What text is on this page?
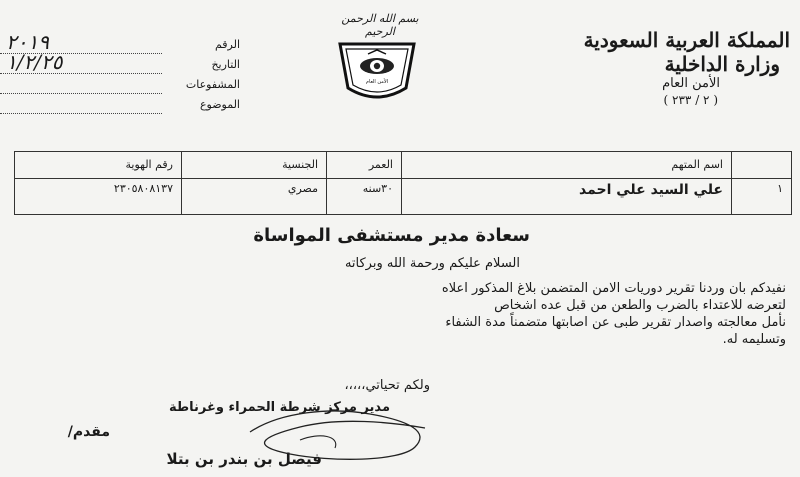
المملكة العربية السعودية
وزارة الداخلية
الأمن العام
( ٢ / ٢٣٣ )
بسم الله الرحمن الرحيم
الأمن العام
الرقم
٢٠١٩
التاريخ
١/٢/٢٥
المشفوعات
الموضوع
اسم المتهم
العمر
الجنسية
رقم الهوية
١
علي السيد علي احمد
٣٠سنه
مصري
٢٣٠٥٨٠٨١٣٧
سعادة مدير مستشفى المواساة
السلام عليكم ورحمة الله وبركاته
نفيدكم بان وردنا تقرير دوريات الامن المتضمن بلاغ المذكور اعلاه
لتعرضه للاعتداء بالضرب والطعن من قبل عده اشخاص
نأمل معالجته واصدار تقرير طبى عن اصابتها متضمناً مدة الشفاء
وتسليمه له.
ولكم تحياتي،،،،،
مدير مركز شرطة الحمراء وغرناطة
مقدم/
فيصل بن بندر بن بتلا
